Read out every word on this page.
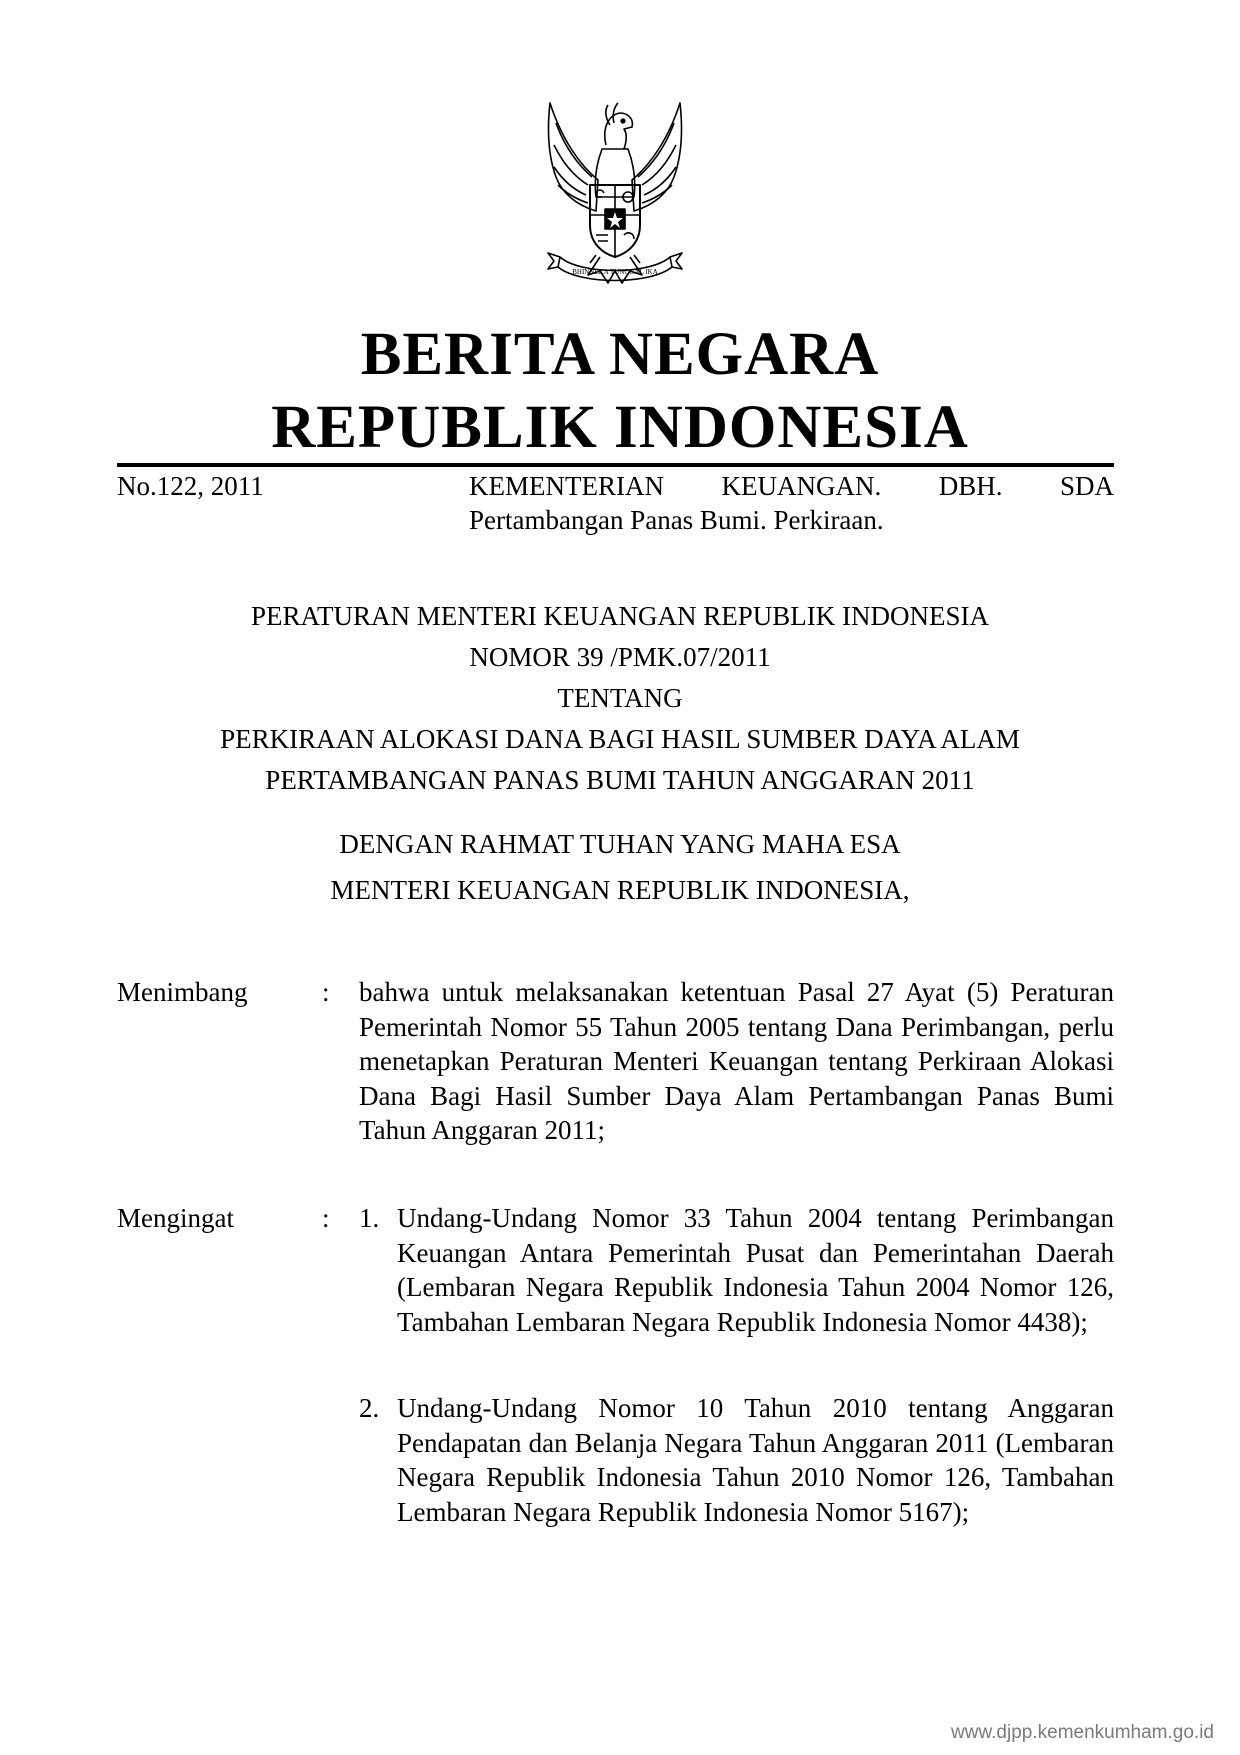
BHINNEKA TUNGGAL IKA
BERITA NEGARA
REPUBLIK INDONESIA
No.122, 2011	KEMENTERIAN KEUANGAN. DBH. SDA
Pertambangan Panas Bumi. Perkiraan.
PERATURAN MENTERI KEUANGAN REPUBLIK INDONESIA
NOMOR 39 /PMK.07/2011
TENTANG
PERKIRAAN ALOKASI DANA BAGI HASIL SUMBER DAYA ALAM
PERTAMBANGAN PANAS BUMI TAHUN ANGGARAN 2011
DENGAN RAHMAT TUHAN YANG MAHA ESA
MENTERI KEUANGAN REPUBLIK INDONESIA,
Menimbang	: bahwa untuk melaksanakan ketentuan Pasal 27 Ayat (5) Peraturan Pemerintah Nomor 55 Tahun 2005 tentang Dana Perimbangan, perlu menetapkan Peraturan Menteri Keuangan tentang Perkiraan Alokasi Dana Bagi Hasil Sumber Daya Alam Pertambangan Panas Bumi Tahun Anggaran 2011;
Mengingat	: 1. Undang-Undang Nomor 33 Tahun 2004 tentang Perimbangan Keuangan Antara Pemerintah Pusat dan Pemerintahan Daerah (Lembaran Negara Republik Indonesia Tahun 2004 Nomor 126, Tambahan Lembaran Negara Republik Indonesia Nomor 4438);
2. Undang-Undang Nomor 10 Tahun 2010 tentang Anggaran Pendapatan dan Belanja Negara Tahun Anggaran 2011 (Lembaran Negara Republik Indonesia Tahun 2010 Nomor 126, Tambahan Lembaran Negara Republik Indonesia Nomor 5167);
www.djpp.kemenkumham.go.id
